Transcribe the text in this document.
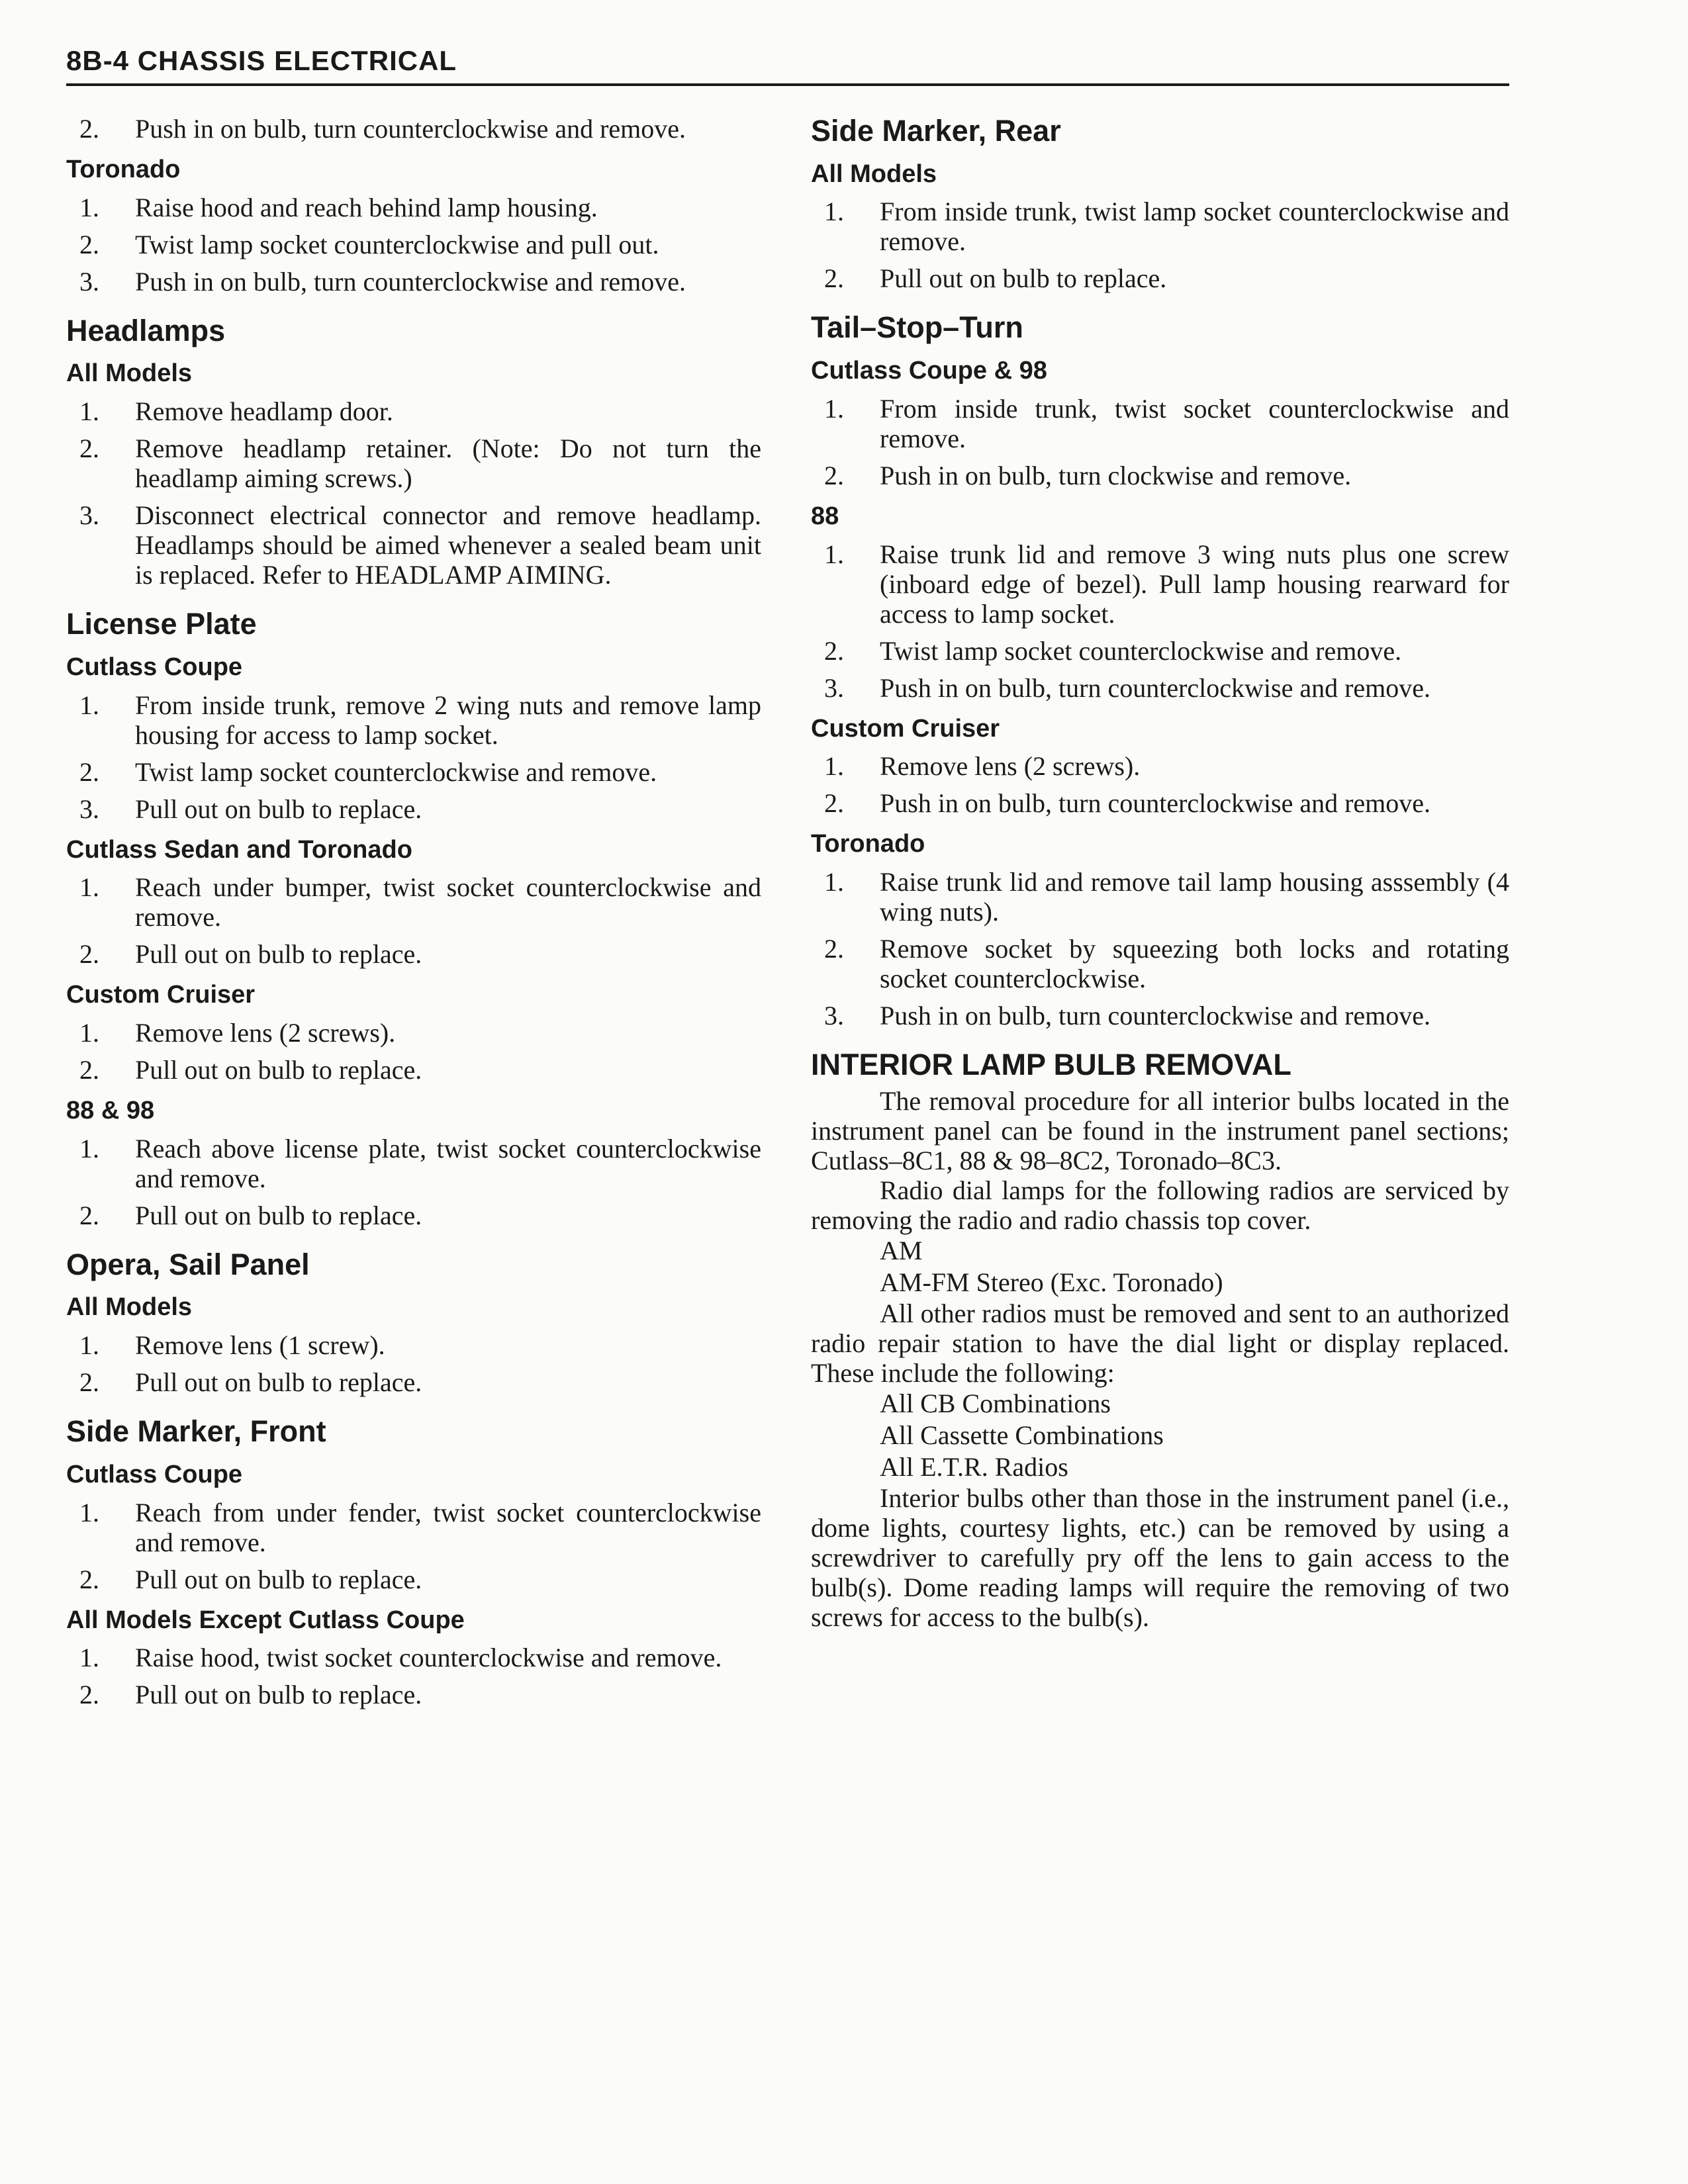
8B-4 CHASSIS ELECTRICAL
2.	Push in on bulb, turn counterclockwise and remove.
Toronado
1.	Raise hood and reach behind lamp housing.
2.	Twist lamp socket counterclockwise and pull out.
3.	Push in on bulb, turn counterclockwise and remove.
Headlamps
All Models
1.	Remove headlamp door.
2.	Remove headlamp retainer. (Note: Do not turn the headlamp aiming screws.)
3.	Disconnect electrical connector and remove headlamp. Headlamps should be aimed whenever a sealed beam unit is replaced. Refer to HEADLAMP AIMING.
License Plate
Cutlass Coupe
1.	From inside trunk, remove 2 wing nuts and remove lamp housing for access to lamp socket.
2.	Twist lamp socket counterclockwise and remove.
3.	Pull out on bulb to replace.
Cutlass Sedan and Toronado
1.	Reach under bumper, twist socket counterclockwise and remove.
2.	Pull out on bulb to replace.
Custom Cruiser
1.	Remove lens (2 screws).
2.	Pull out on bulb to replace.
88 & 98
1.	Reach above license plate, twist socket counterclockwise and remove.
2.	Pull out on bulb to replace.
Opera, Sail Panel
All Models
1.	Remove lens (1 screw).
2.	Pull out on bulb to replace.
Side Marker, Front
Cutlass Coupe
1.	Reach from under fender, twist socket counterclockwise and remove.
2.	Pull out on bulb to replace.
All Models Except Cutlass Coupe
1.	Raise hood, twist socket counterclockwise and remove.
2.	Pull out on bulb to replace.
Side Marker, Rear
All Models
1.	From inside trunk, twist lamp socket counterclockwise and remove.
2.	Pull out on bulb to replace.
Tail–Stop–Turn
Cutlass Coupe & 98
1.	From inside trunk, twist socket counterclockwise and remove.
2.	Push in on bulb, turn clockwise and remove.
88
1.	Raise trunk lid and remove 3 wing nuts plus one screw (inboard edge of bezel). Pull lamp housing rearward for access to lamp socket.
2.	Twist lamp socket counterclockwise and remove.
3.	Push in on bulb, turn counterclockwise and remove.
Custom Cruiser
1.	Remove lens (2 screws).
2.	Push in on bulb, turn counterclockwise and remove.
Toronado
1.	Raise trunk lid and remove tail lamp housing asssembly (4 wing nuts).
2.	Remove socket by squeezing both locks and rotating socket counterclockwise.
3.	Push in on bulb, turn counterclockwise and remove.
INTERIOR LAMP BULB REMOVAL

The removal procedure for all interior bulbs located in the instrument panel can be found in the instrument panel sections; Cutlass–8C1, 88 & 98–8C2, Toronado–8C3.

Radio dial lamps for the following radios are serviced by removing the radio and radio chassis top cover.

AM

AM-FM Stereo (Exc. Toronado)

All other radios must be removed and sent to an authorized radio repair station to have the dial light or display replaced. These include the following:

All CB Combinations

All Cassette Combinations

All E.T.R. Radios

Interior bulbs other than those in the instrument panel (i.e., dome lights, courtesy lights, etc.) can be removed by using a screwdriver to carefully pry off the lens to gain access to the bulb(s). Dome reading lamps will require the removing of two screws for access to the bulb(s).
